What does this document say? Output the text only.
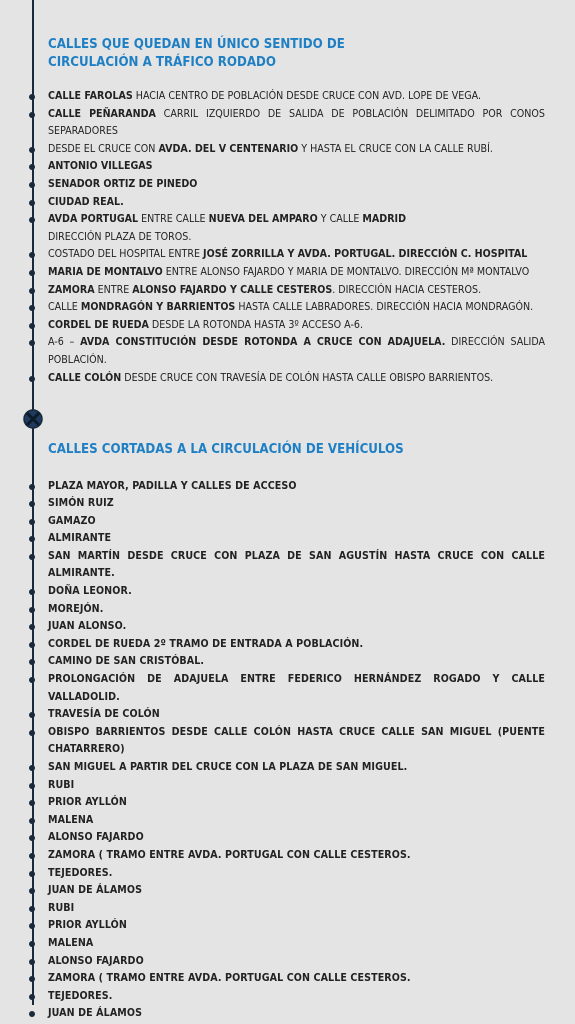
CALLES QUE QUEDAN EN ÚNICO SENTIDO DE
CIRCULACIÓN A TRÁFICO RODADO
CALLE FAROLAS HACIA CENTRO DE POBLACIÓN DESDE CRUCE CON AVD. LOPE DE VEGA.
CALLE PEÑARANDA CARRIL IZQUIERDO DE SALIDA DE POBLACIÓN DELIMITADO POR CONOS SEPARADORES
DESDE EL CRUCE CON AVDA. DEL V CENTENARIO Y HASTA EL CRUCE CON LA CALLE RUBÍ.
ANTONIO VILLEGAS
SENADOR ORTIZ DE PINEDO
CIUDAD REAL.
AVDA PORTUGAL ENTRE CALLE NUEVA DEL AMPARO Y CALLE MADRID
DIRECCIÓN PLAZA DE TOROS.
COSTADO DEL HOSPITAL ENTRE JOSÉ ZORRILLA Y AVDA. PORTUGAL. DIRECCIÓN C. HOSPITAL
MARIA DE MONTALVO ENTRE ALONSO FAJARDO Y MARIA DE MONTALVO. DIRECCIÓN Mª MONTALVO
ZAMORA ENTRE ALONSO FAJARDO Y CALLE CESTEROS. DIRECCIÓN HACIA CESTEROS.
CALLE MONDRAGÓN Y BARRIENTOS HASTA CALLE LABRADORES. DIRECCIÓN HACIA MONDRAGÓN.
CORDEL DE RUEDA DESDE LA ROTONDA HASTA 3º ACCESO A-6.
A-6 – AVDA CONSTITUCIÓN DESDE ROTONDA A CRUCE CON ADAJUELA. DIRECCIÓN SALIDA POBLACIÓN.
CALLE COLÓN DESDE CRUCE CON TRAVESÍA DE COLÓN HASTA CALLE OBISPO BARRIENTOS.
CALLES CORTADAS A LA CIRCULACIÓN DE VEHÍCULOS
PLAZA MAYOR, PADILLA Y CALLES DE ACCESO
SIMÓN RUIZ
GAMAZO
ALMIRANTE
SAN MARTÍN DESDE CRUCE CON PLAZA DE SAN AGUSTÍN HASTA CRUCE CON CALLE ALMIRANTE.
DOÑA LEONOR.
MOREJÓN.
JUAN ALONSO.
CORDEL DE RUEDA 2º TRAMO DE ENTRADA A POBLACIÓN.
CAMINO DE SAN CRISTÓBAL.
PROLONGACIÓN DE ADAJUELA ENTRE FEDERICO HERNÁNDEZ ROGADO Y CALLE VALLADOLID.
TRAVESÍA DE COLÓN
OBISPO BARRIENTOS DESDE CALLE COLÓN HASTA CRUCE CALLE SAN MIGUEL (PUENTE CHATARRERO)
SAN MIGUEL A PARTIR DEL CRUCE CON LA PLAZA DE SAN MIGUEL.
RUBI
PRIOR AYLLÓN
MALENA
ALONSO FAJARDO
ZAMORA ( TRAMO ENTRE AVDA. PORTUGAL CON CALLE CESTEROS.
TEJEDORES.
JUAN DE ÁLAMOS
RUBI
PRIOR AYLLÓN
MALENA
ALONSO FAJARDO
ZAMORA ( TRAMO ENTRE AVDA. PORTUGAL CON CALLE CESTEROS.
TEJEDORES.
JUAN DE ÁLAMOS
